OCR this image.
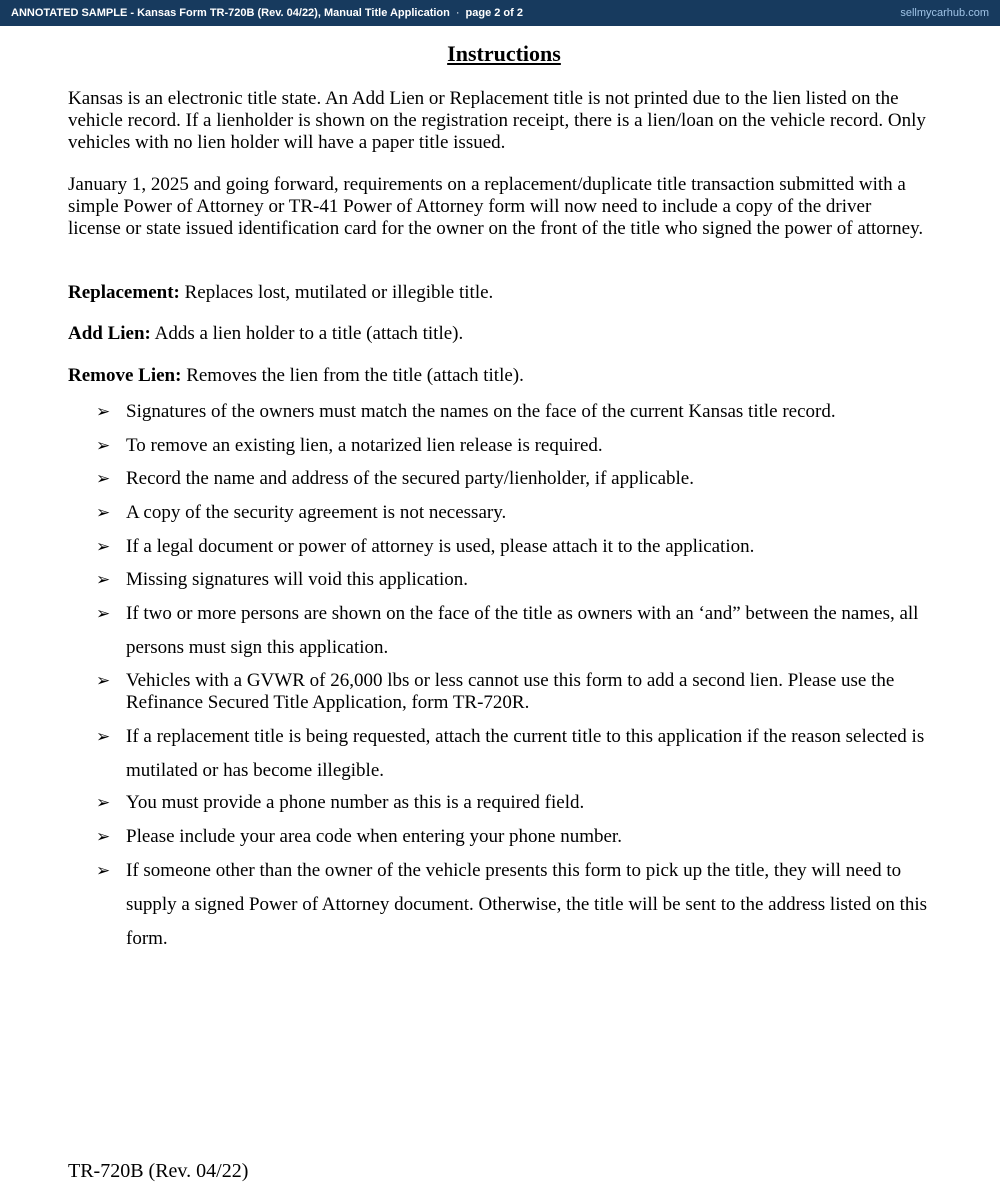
ANNOTATED SAMPLE - Kansas Form TR-720B (Rev. 04/22), Manual Title Application · page 2 of 2	sellmycarhub.com
Instructions

Kansas is an electronic title state. An Add Lien or Replacement title is not printed due to the lien listed on the vehicle record. If a lienholder is shown on the registration receipt, there is a lien/loan on the vehicle record. Only vehicles with no lien holder will have a paper title issued.

January 1, 2025 and going forward, requirements on a replacement/duplicate title transaction submitted with a simple Power of Attorney or TR-41 Power of Attorney form will now need to include a copy of the driver license or state issued identification card for the owner on the front of the title who signed the power of attorney.

Replacement: Replaces lost, mutilated or illegible title.

Add Lien: Adds a lien holder to a title (attach title).

Remove Lien: Removes the lien from the title (attach title).

➢ Signatures of the owners must match the names on the face of the current Kansas title record.
➢ To remove an existing lien, a notarized lien release is required.
➢ Record the name and address of the secured party/lienholder, if applicable.
➢ A copy of the security agreement is not necessary.
➢ If a legal document or power of attorney is used, please attach it to the application.
➢ Missing signatures will void this application.
➢ If two or more persons are shown on the face of the title as owners with an ‘and” between the names, all persons must sign this application.
➢ Vehicles with a GVWR of 26,000 lbs or less cannot use this form to add a second lien. Please use the Refinance Secured Title Application, form TR-720R.
➢ If a replacement title is being requested, attach the current title to this application if the reason selected is mutilated or has become illegible.
➢ You must provide a phone number as this is a required field.
➢ Please include your area code when entering your phone number.
➢ If someone other than the owner of the vehicle presents this form to pick up the title, they will need to supply a signed Power of Attorney document. Otherwise, the title will be sent to the address listed on this form.
TR-720B (Rev. 04/22)
